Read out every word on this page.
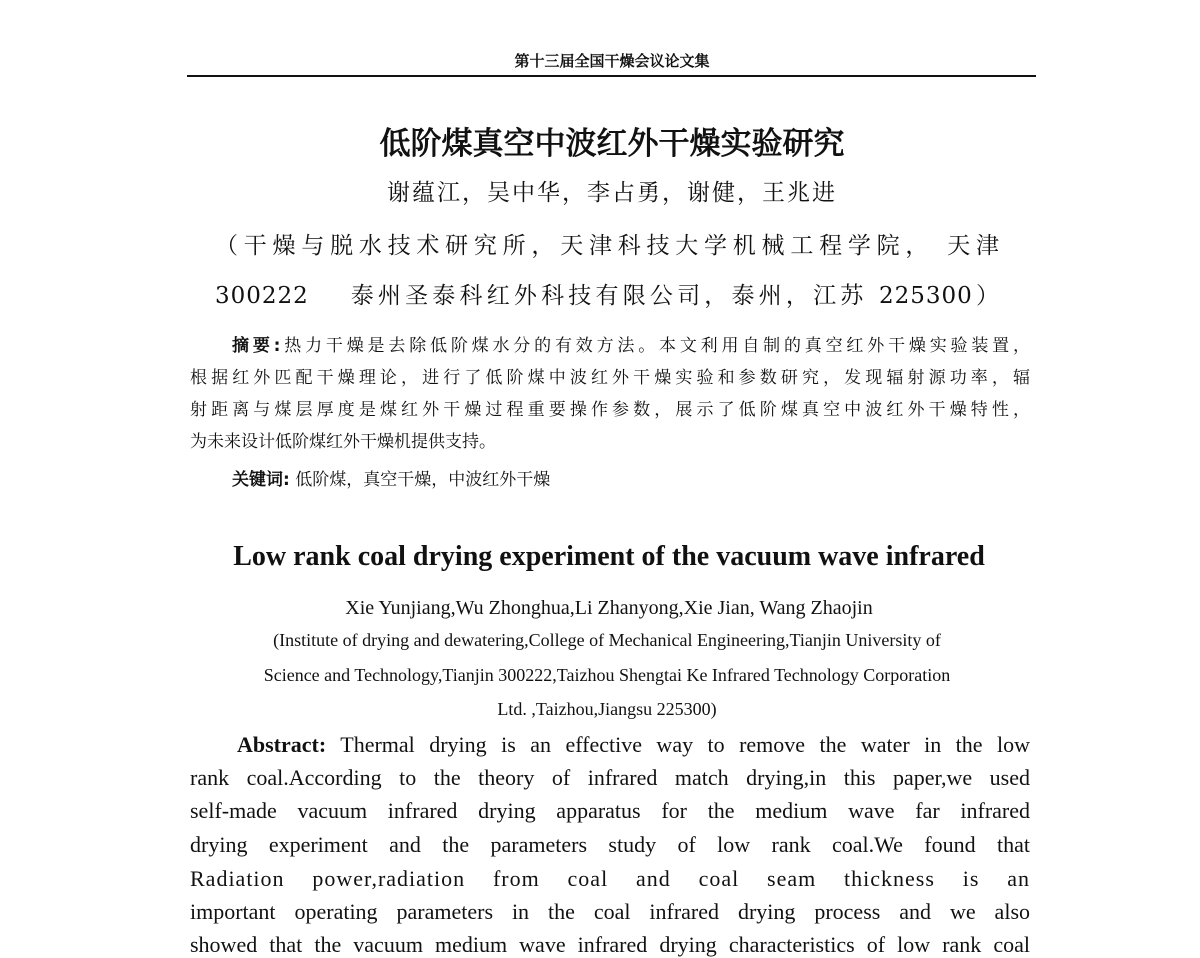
第十三届全国干燥会议论文集
低阶煤真空中波红外干燥实验研究
谢蕴江，吴中华，李占勇，谢健，王兆进
（干燥与脱水技术研究所，天津科技大学机械工程学院， 天津
300222　 泰州圣泰科红外科技有限公司，泰州，江苏 225300）
摘要:热力干燥是去除低阶煤水分的有效方法。本文利用自制的真空红外干燥实验装置，
根据红外匹配干燥理论，进行了低阶煤中波红外干燥实验和参数研究，发现辐射源功率，辐
射距离与煤层厚度是煤红外干燥过程重要操作参数，展示了低阶煤真空中波红外干燥特性，
为未来设计低阶煤红外干燥机提供支持。
关键词: 低阶煤，真空干燥，中波红外干燥
Low rank coal drying experiment of the vacuum wave infrared
Xie Yunjiang,Wu Zhonghua,Li Zhanyong,Xie Jian, Wang Zhaojin
(Institute of drying and dewatering,College of Mechanical Engineering,Tianjin University of
Science and Technology,Tianjin 300222,Taizhou Shengtai Ke Infrared Technology Corporation
Ltd. ,Taizhou,Jiangsu 225300)
Abstract: Thermal drying is an effective way to remove the water in the low
rank coal.According to the theory of infrared match drying,in this paper,we used
self-made vacuum infrared drying apparatus for the medium wave far infrared
drying experiment and the parameters study of low rank coal.We found that
Radiation power,radiation from coal and coal seam thickness is an
important operating parameters in the coal infrared drying process and we also
showed that the vacuum medium wave infrared drying characteristics of low rank coal
